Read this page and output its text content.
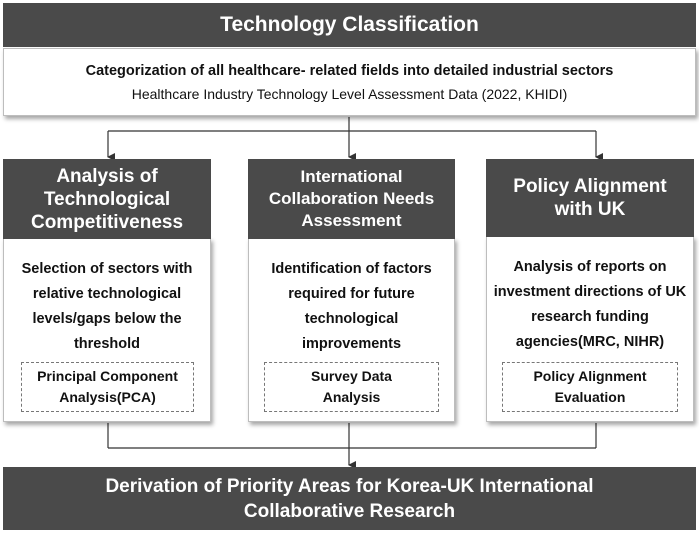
Technology Classification
Categorization of all healthcare- related fields into detailed industrial sectors
Healthcare Industry Technology Level Assessment Data (2022, KHIDI)
Selection of sectors with relative technological levels/gaps below the threshold
Analysis of Technological Competitiveness
Principal Component Analysis(PCA)
Identification of factors required for future technological improvements
International Collaboration Needs Assessment
Survey Data Analysis
Analysis of reports on investment directions of UK research funding agencies(MRC, NIHR)
Policy Alignment with UK
Policy Alignment Evaluation
Derivation of Priority Areas for Korea-UK International Collaborative Research
